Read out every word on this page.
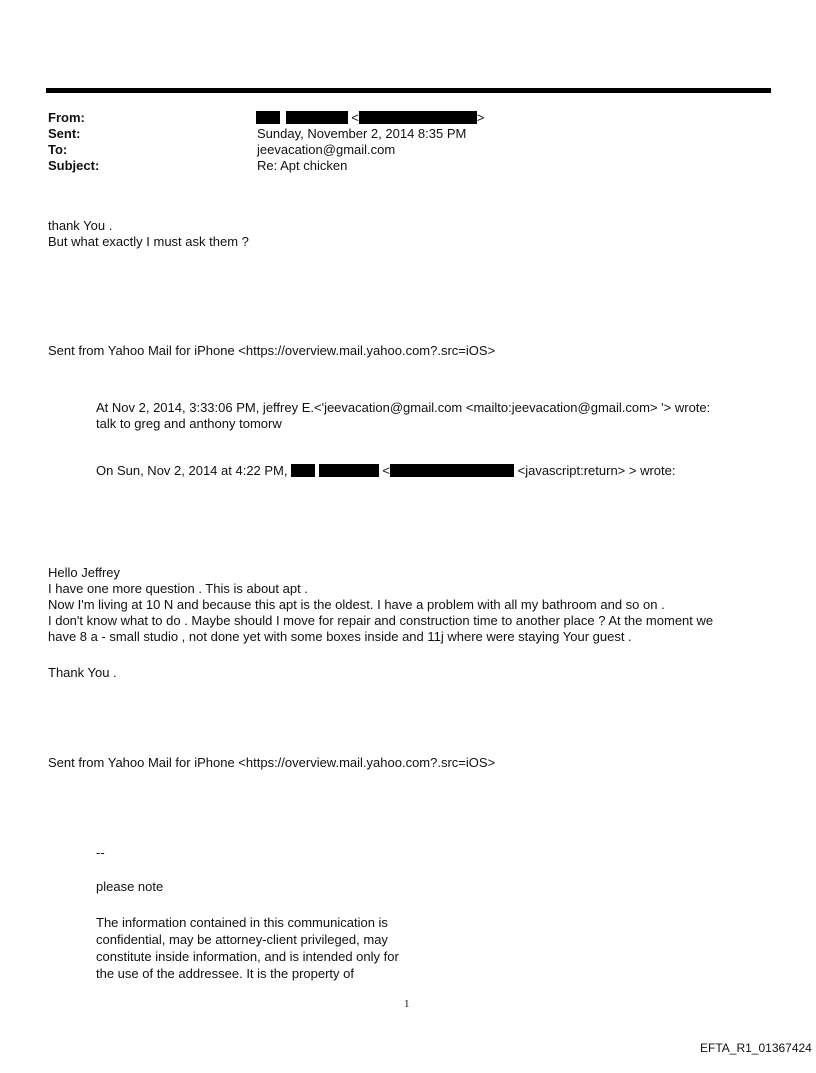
From:	<	>
Sent:	Sunday, November 2, 2014 8:35 PM
To:	jeevacation@gmail.com
Subject:	Re: Apt chicken
thank You .
But what exactly I must ask them ?
Sent from Yahoo Mail for iPhone <https://overview.mail.yahoo.com?.src=iOS>
At Nov 2, 2014, 3:33:06 PM, jeffrey E.<'jeevacation@gmail.com <mailto:jeevacation@gmail.com> '> wrote:
talk to greg and anthony tomorw
On Sun, Nov 2, 2014 at 4:22 PM,	<	<javascript:return> > wrote:
Hello Jeffrey
I have one more question . This is about apt .
Now I'm living at 10 N and because this apt is the oldest. I have a problem with all my bathroom and so on .
I don't know what to do . Maybe should I move for repair and construction time to another place ? At the moment we
have 8 a - small studio , not done yet with some boxes inside and 11j where were staying Your guest .
Thank You .
Sent from Yahoo Mail for iPhone <https://overview.mail.yahoo.com?.src=iOS>
--
please note
The information contained in this communication is
confidential, may be attorney-client privileged, may
constitute inside information, and is intended only for
the use of the addressee. It is the property of
1
EFTA_R1_01367424
